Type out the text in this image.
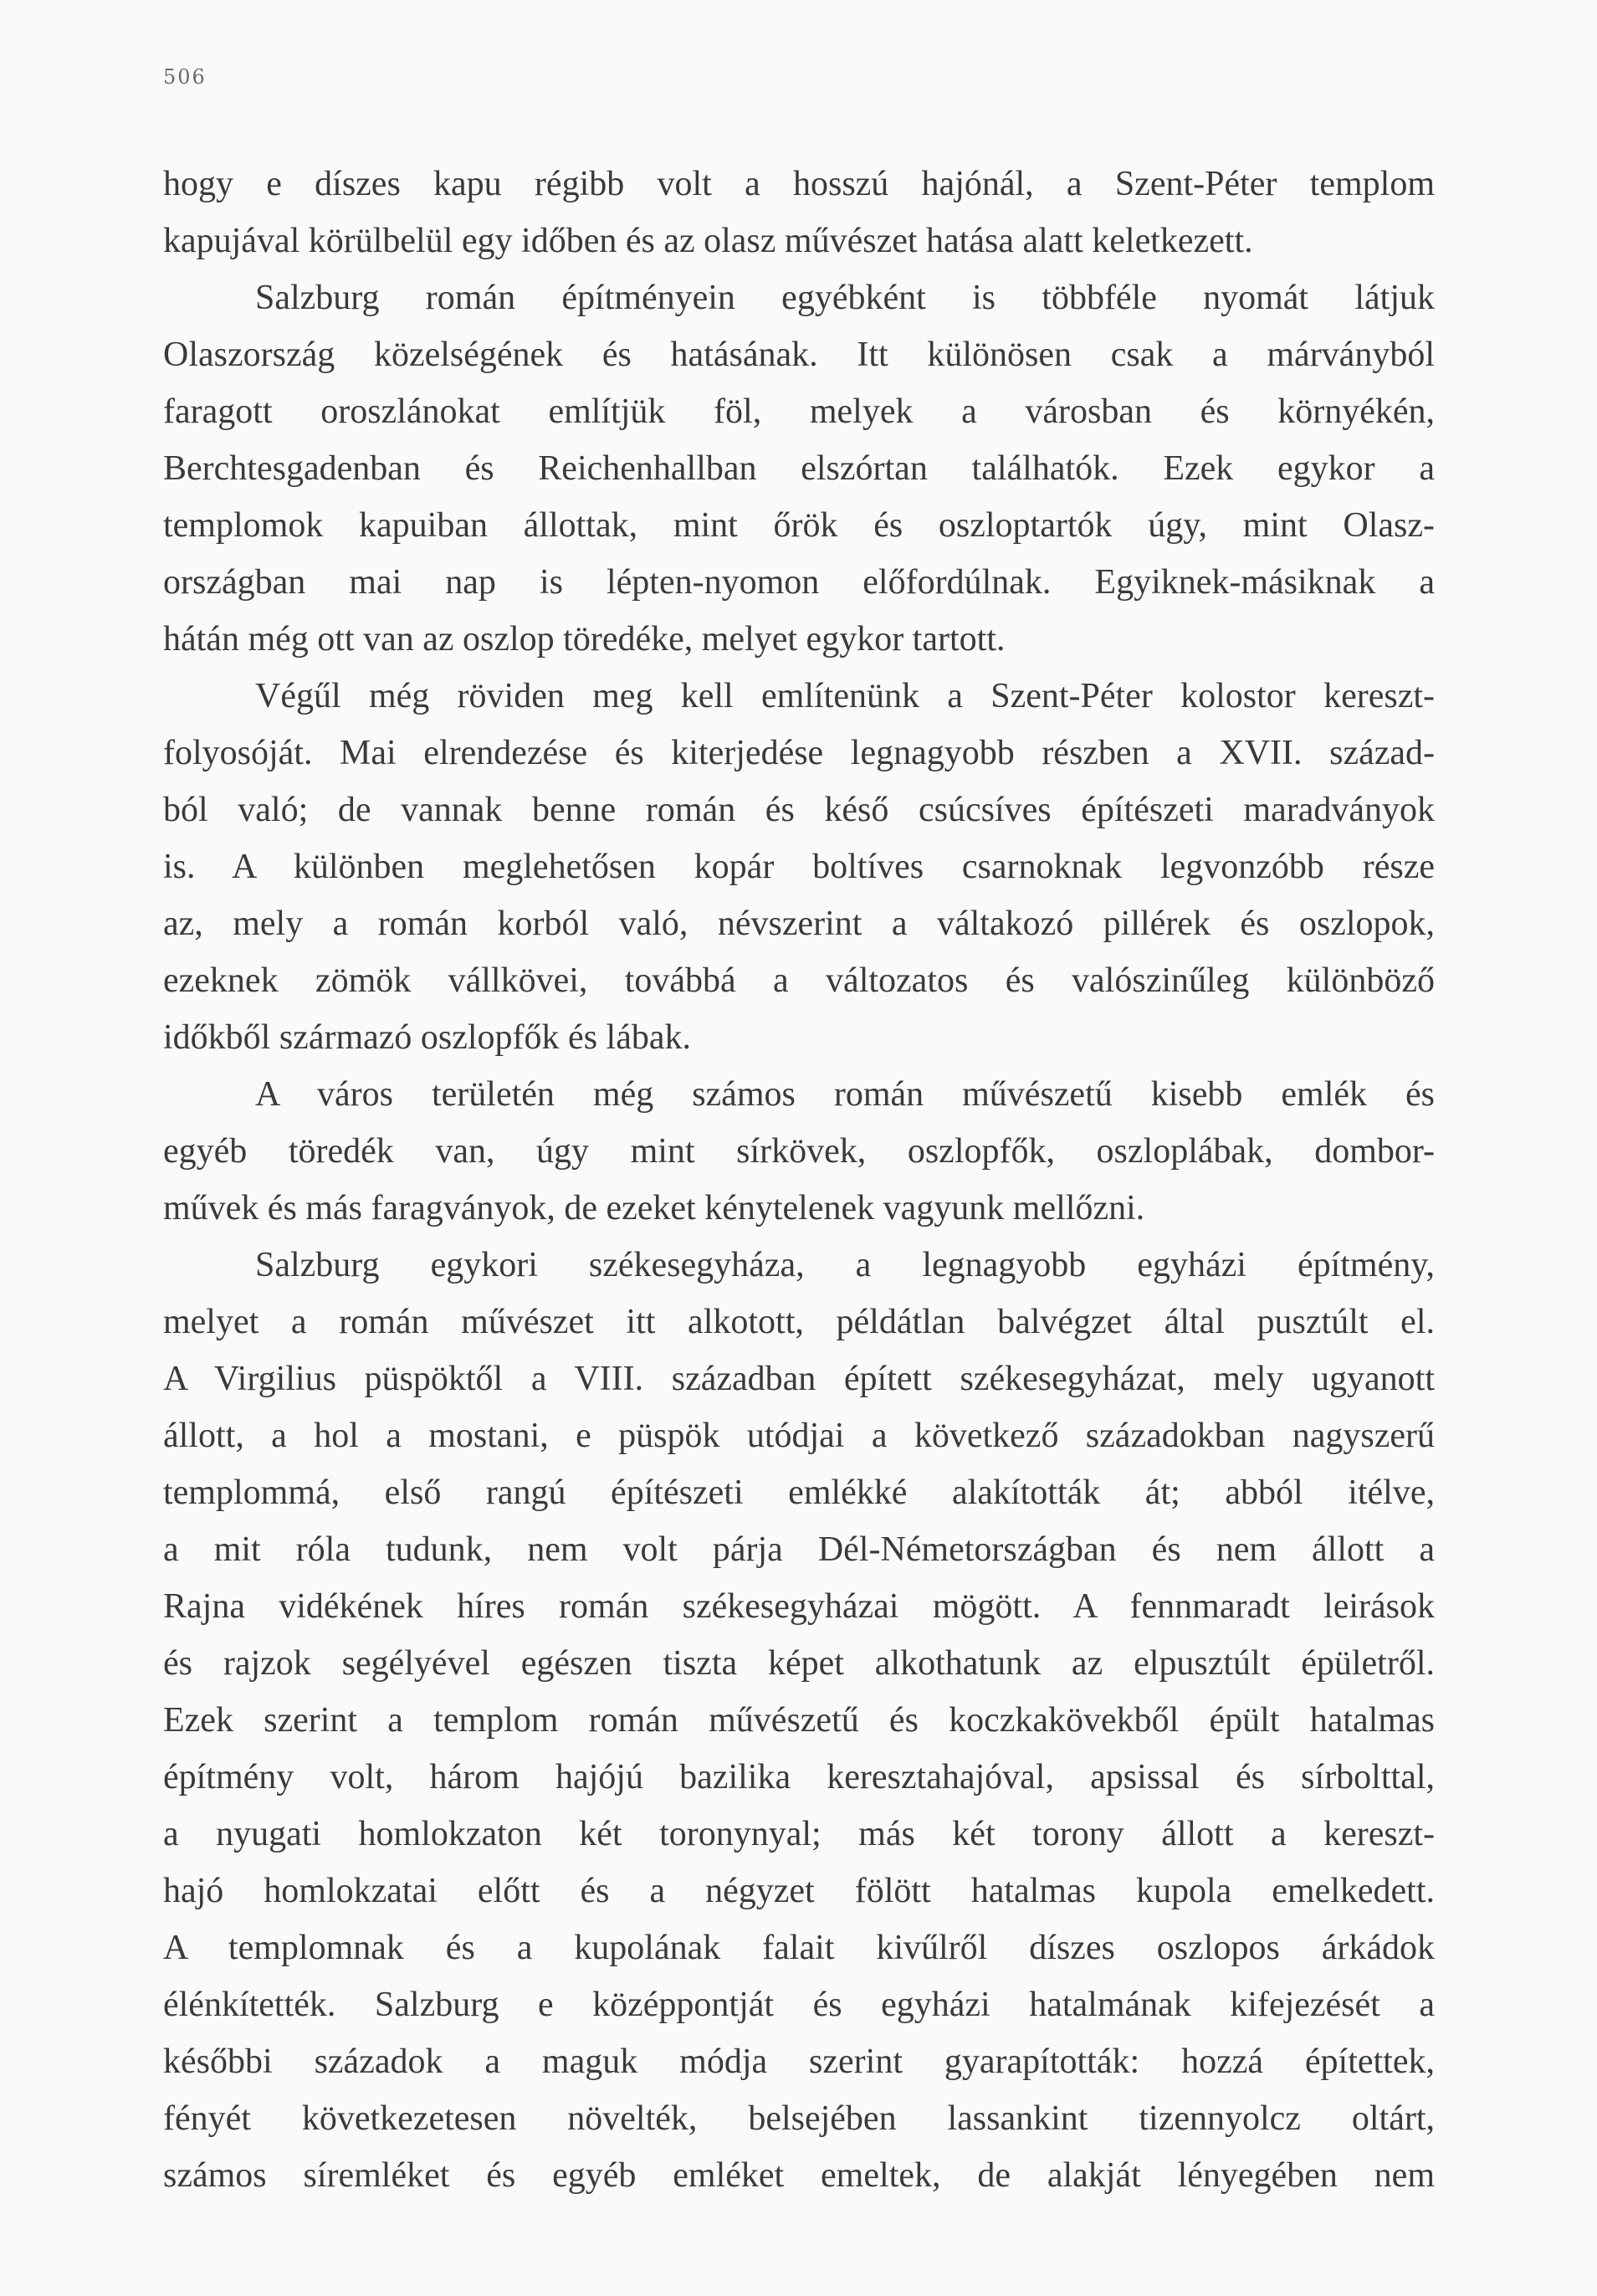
506
hogy e díszes kapu régibb volt a hosszú hajónál, a Szent-Péter templom
kapujával körülbelül egy időben és az olasz művészet hatása alatt keletkezett.
Salzburg román építményein egyébként is többféle nyomát látjuk
Olaszország közelségének és hatásának. Itt különösen csak a márványból
faragott oroszlánokat említjük föl, melyek a városban és környékén,
Berchtesgadenban és Reichenhallban elszórtan találhatók. Ezek egykor a
templomok kapuiban állottak, mint őrök és oszloptartók úgy, mint Olasz-
országban mai nap is lépten-nyomon előfordúlnak. Egyiknek-másiknak a
hátán még ott van az oszlop töredéke, melyet egykor tartott.
Végűl még röviden meg kell említenünk a Szent-Péter kolostor kereszt-
folyosóját. Mai elrendezése és kiterjedése legnagyobb részben a XVII. század-
ból való; de vannak benne román és késő csúcsíves építészeti maradványok
is. A különben meglehetősen kopár boltíves csarnoknak legvonzóbb része
az, mely a román korból való, névszerint a váltakozó pillérek és oszlopok,
ezeknek zömök vállkövei, továbbá a változatos és valószinűleg különböző
időkből származó oszlopfők és lábak.
A város területén még számos román művészetű kisebb emlék és
egyéb töredék van, úgy mint sírkövek, oszlopfők, oszloplábak, dombor-
művek és más faragványok, de ezeket kénytelenek vagyunk mellőzni.
Salzburg egykori székesegyháza, a legnagyobb egyházi építmény,
melyet a román művészet itt alkotott, példátlan balvégzet által pusztúlt el.
A Virgilius püspöktől a VIII. században épített székesegyházat, mely ugyanott
állott, a hol a mostani, e püspök utódjai a következő századokban nagyszerű
templommá, első rangú építészeti emlékké alakították át; abból itélve,
a mit róla tudunk, nem volt párja Dél-Németországban és nem állott a
Rajna vidékének híres román székesegyházai mögött. A fennmaradt leirások
és rajzok segélyével egészen tiszta képet alkothatunk az elpusztúlt épületről.
Ezek szerint a templom román művészetű és koczkakövekből épült hatalmas
építmény volt, három hajójú bazilika keresztahajóval, apsissal és sírbolttal,
a nyugati homlokzaton két toronynyal; más két torony állott a kereszt-
hajó homlokzatai előtt és a négyzet fölött hatalmas kupola emelkedett.
A templomnak és a kupolának falait kivűlről díszes oszlopos árkádok
élénkítették. Salzburg e középpontját és egyházi hatalmának kifejezését a
későbbi századok a maguk módja szerint gyarapították: hozzá építettek,
fényét következetesen növelték, belsejében lassankint tizennyolcz oltárt,
számos síremléket és egyéb emléket emeltek, de alakját lényegében nem
